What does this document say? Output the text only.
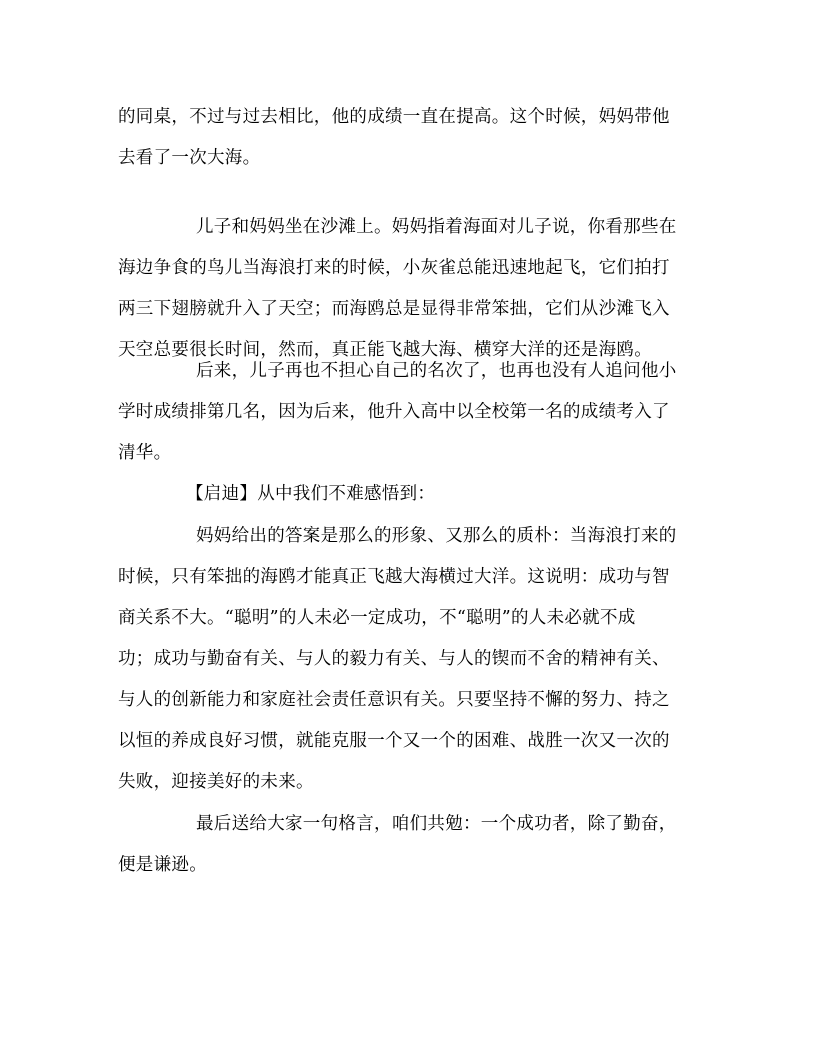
的同桌，不过与过去相比，他的成绩一直在提高。这个时候，妈妈带他
去看了一次大海。
儿子和妈妈坐在沙滩上。妈妈指着海面对儿子说，你看那些在
海边争食的鸟儿当海浪打来的时候，小灰雀总能迅速地起飞，它们拍打
两三下翅膀就升入了天空；而海鸥总是显得非常笨拙，它们从沙滩飞入
天空总要很长时间，然而，真正能飞越大海、横穿大洋的还是海鸥。
后来，儿子再也不担心自己的名次了，也再也没有人追问他小
学时成绩排第几名，因为后来，他升入高中以全校第一名的成绩考入了
清华。
【启迪】从中我们不难感悟到：
妈妈给出的答案是那么的形象、又那么的质朴：当海浪打来的
时候，只有笨拙的海鸥才能真正飞越大海横过大洋。这说明：成功与智
商关系不大。“聪明”的人未必一定成功，不“聪明”的人未必就不成
功；成功与勤奋有关、与人的毅力有关、与人的锲而不舍的精神有关、
与人的创新能力和家庭社会责任意识有关。只要坚持不懈的努力、持之
以恒的养成良好习惯，就能克服一个又一个的困难、战胜一次又一次的
失败，迎接美好的未来。
最后送给大家一句格言，咱们共勉：一个成功者，除了勤奋，
便是谦逊。
